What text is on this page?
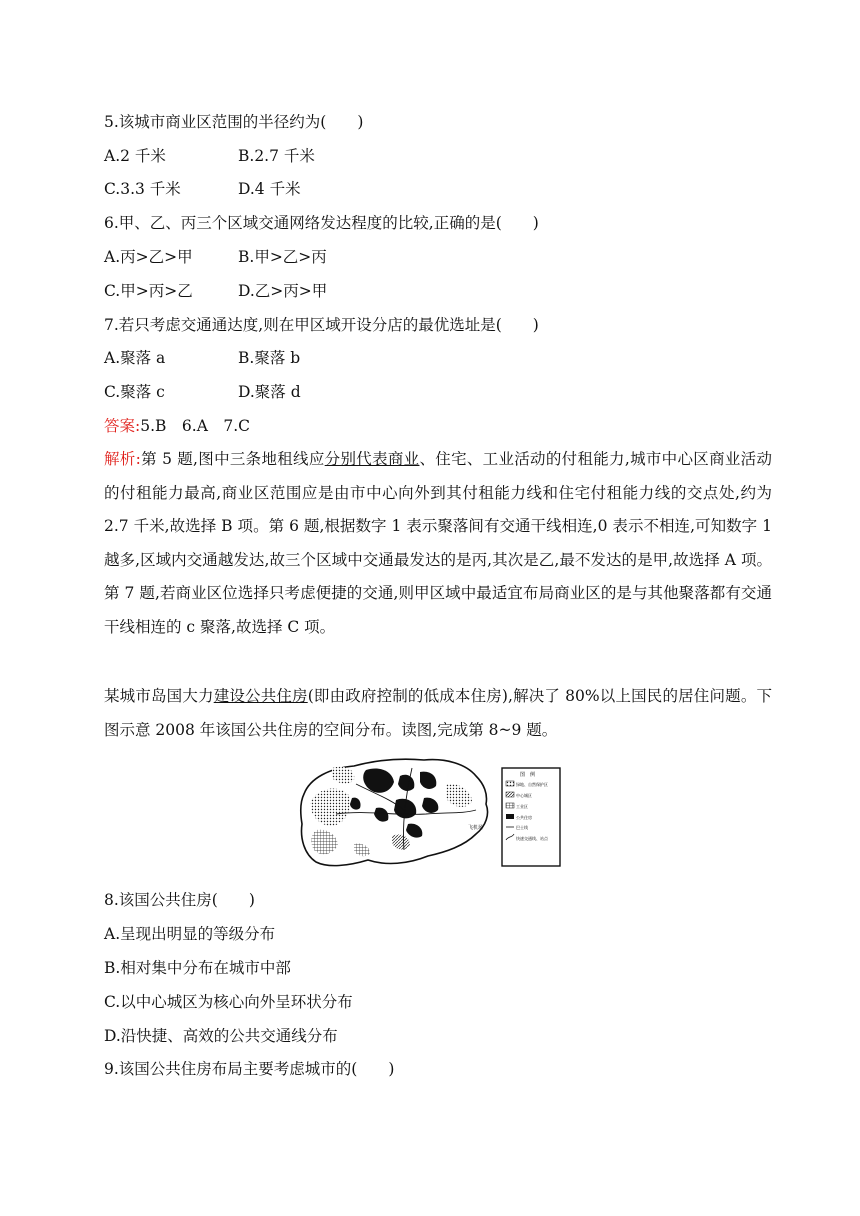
5.该城市商业区范围的半径约为(　　)
A.2 千米	B.2.7 千米
C.3.3 千米	D.4 千米
6.甲、乙、丙三个区域交通网络发达程度的比较,正确的是(　　)
A.丙>乙>甲	B.甲>乙>丙
C.甲>丙>乙	D.乙>丙>甲
7.若只考虑交通通达度,则在甲区域开设分店的最优选址是(　　)
A.聚落 a	B.聚落 b
C.聚落 c	D.聚落 d
答案:5.B　6.A　7.C
解析:第 5 题,图中三条地租线应分别代表商业、住宅、工业活动的付租能力,城市中心区商业活动的付租能力最高,商业区范围应是由市中心向外到其付租能力线和住宅付租能力线的交点处,约为 2.7 千米,故选择 B 项。第 6 题,根据数字 1 表示聚落间有交通干线相连,0 表示不相连,可知数字 1 越多,区域内交通越发达,故三个区域中交通最发达的是丙,其次是乙,最不发达的是甲,故选择 A 项。第 7 题,若商业区位选择只考虑便捷的交通,则甲区域中最适宜布局商业区的是与其他聚落都有交通干线相连的 c 聚落,故选择 C 项。
某城市岛国大力建设公共住房(即由政府控制的低成本住房),解决了 80%以上国民的居住问题。下图示意 2008 年该国公共住房的空间分布。读图,完成第 8~9 题。
飞机场
图　例
绿地、自然保护区
中心城区
工业区
公共住房
巴士线
快速交通线、站点
8.该国公共住房(　　)
A.呈现出明显的等级分布
B.相对集中分布在城市中部
C.以中心城区为核心向外呈环状分布
D.沿快捷、高效的公共交通线分布
9.该国公共住房布局主要考虑城市的(　　)
